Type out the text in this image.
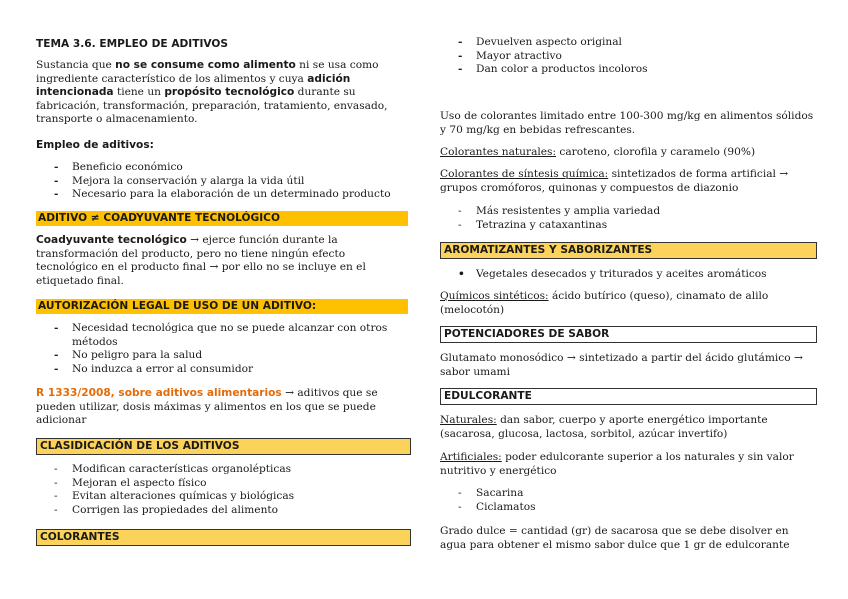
TEMA 3.6. EMPLEO DE ADITIVOS

Sustancia que no se consume como alimento ni se usa como ingrediente característico de los alimentos y cuya adición intencionada tiene un propósito tecnológico durante su fabricación, transformación, preparación, tratamiento, envasado, transporte o almacenamiento.

Empleo de aditivos:

- Beneficio económico
- Mejora la conservación y alarga la vida útil
- Necesario para la elaboración de un determinado producto
ADITIVO ≠ COADYUVANTE TECNOLÓGICO

Coadyuvante tecnológico → ejerce función durante la transformación del producto, pero no tiene ningún efecto tecnológico en el producto final → por ello no se incluye en el etiquetado final.

AUTORIZACIÓN LEGAL DE USO DE UN ADITIVO:
- Necesidad tecnológica que no se puede alcanzar con otros métodos
- No peligro para la salud
- No induzca a error al consumidor

R 1333/2008, sobre aditivos alimentarios → aditivos que se pueden utilizar, dosis máximas y alimentos en los que se puede adicionar

CLASIDICACIÓN DE LOS ADITIVOS
- Modifican características organolépticas
- Mejoran el aspecto físico
- Evitan alteraciones químicas y biológicas
- Corrigen las propiedades del alimento
COLORANTES
- Devuelven aspecto original
- Mayor atractivo
- Dan color a productos incoloros

Uso de colorantes limitado entre 100-300 mg/kg en alimentos sólidos y 70 mg/kg en bebidas refrescantes.

Colorantes naturales: caroteno, clorofila y caramelo (90%)

Colorantes de síntesis química: sintetizados de forma artificial → grupos cromóforos, quinonas y compuestos de diazonio

- Más resistentes y amplia variedad
- Tetrazina y cataxantinas
AROMATIZANTES Y SABORIZANTES
• Vegetales desecados y triturados y aceites aromáticos

Químicos sintéticos: ácido butírico (queso), cinamato de alilo (melocotón)

POTENCIADORES DE SABOR

Glutamato monosódico → sintetizado a partir del ácido glutámico → sabor umami

EDULCORANTE

Naturales: dan sabor, cuerpo y aporte energético importante (sacarosa, glucosa, lactosa, sorbitol, azúcar invertifo)

Artificiales: poder edulcorante superior a los naturales y sin valor nutritivo y energético

- Sacarina
- Ciclamatos

Grado dulce = cantidad (gr) de sacarosa que se debe disolver en agua para obtener el mismo sabor dulce que 1 gr de edulcorante
